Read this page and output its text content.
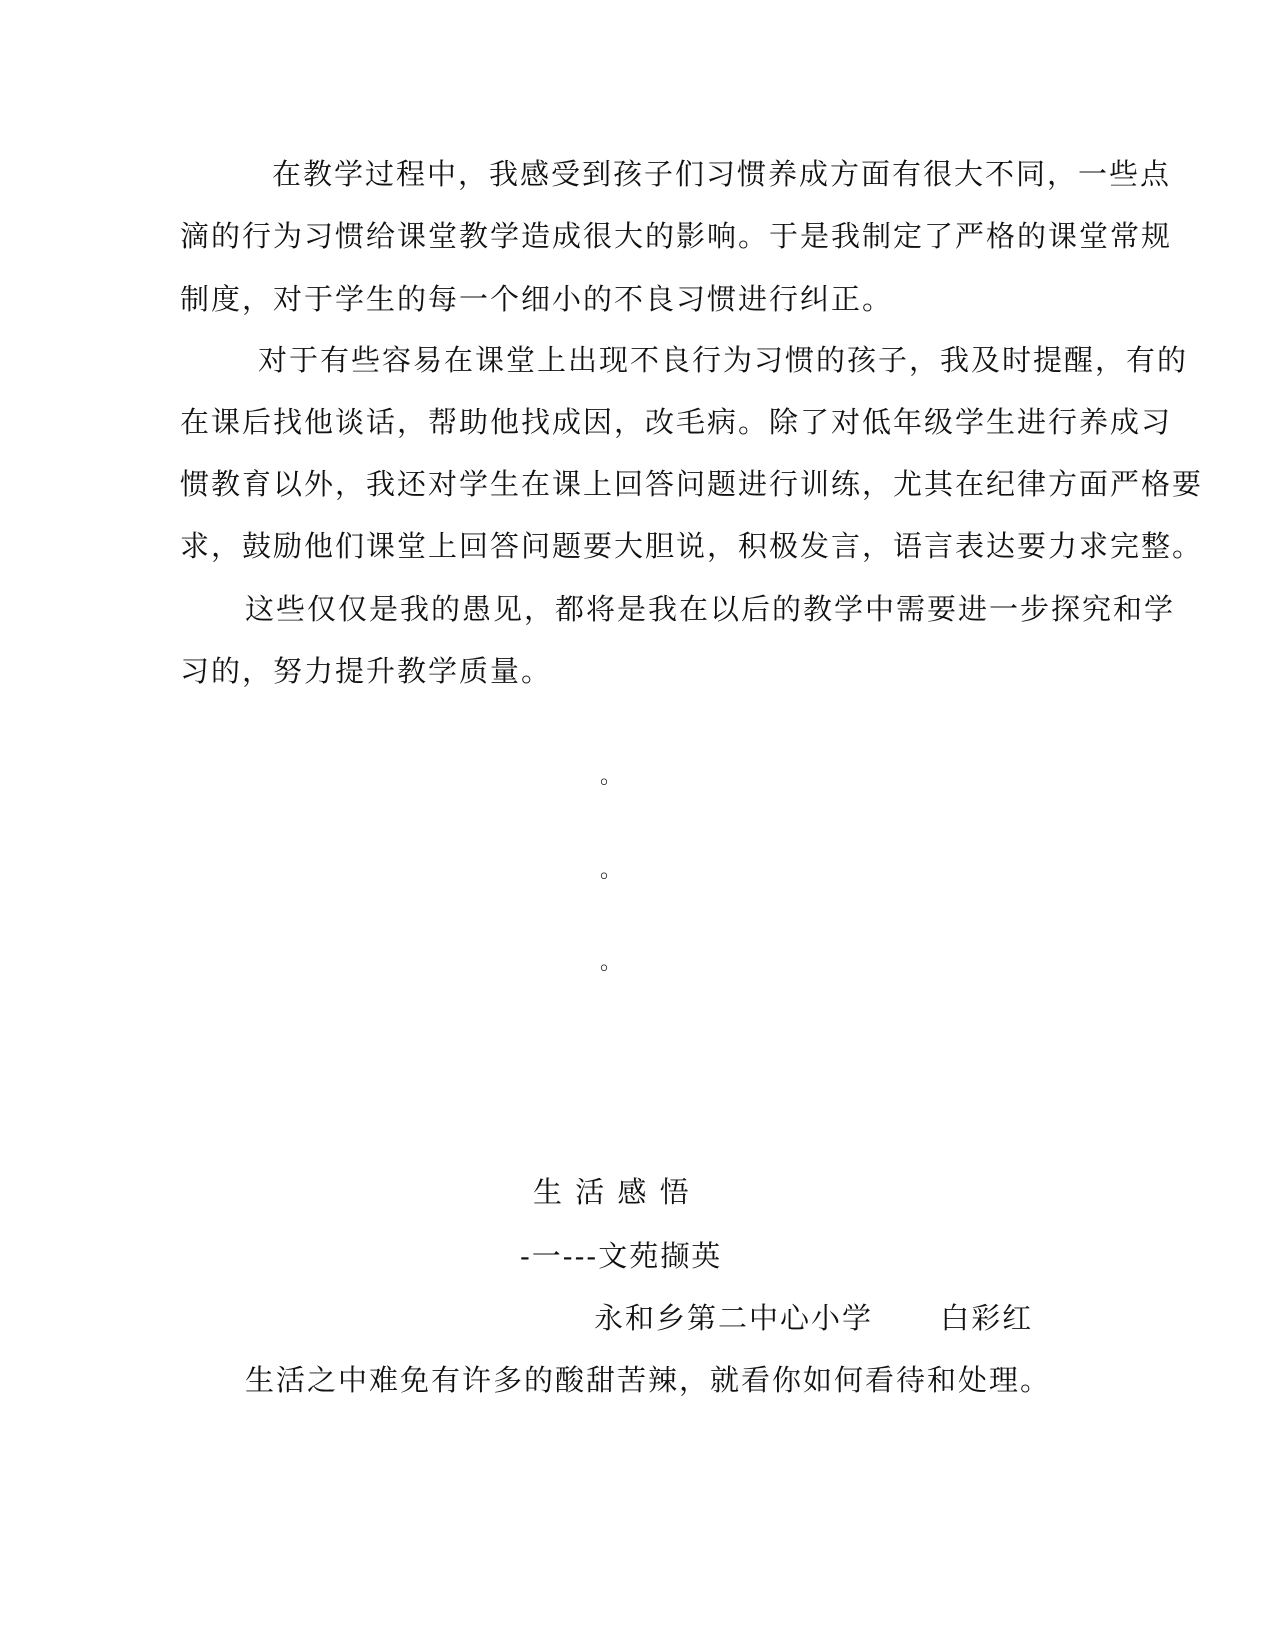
在教学过程中，我感受到孩子们习惯养成方面有很大不同，一些点
滴的行为习惯给课堂教学造成很大的影响。于是我制定了严格的课堂常规
制度，对于学生的每一个细小的不良习惯进行纠正。
对于有些容易在课堂上出现不良行为习惯的孩子，我及时提醒，有的
在课后找他谈话，帮助他找成因，改毛病。除了对低年级学生进行养成习
惯教育以外，我还对学生在课上回答问题进行训练，尤其在纪律方面严格要
求，鼓励他们课堂上回答问题要大胆说，积极发言，语言表达要力求完整。
这些仅仅是我的愚见，都将是我在以后的教学中需要进一步探究和学
习的，努力提升教学质量。
。
。
。
生 活 感 悟
-一---文苑撷英
永和乡第二中心小学      白彩红
生活之中难免有许多的酸甜苦辣，就看你如何看待和处理。
